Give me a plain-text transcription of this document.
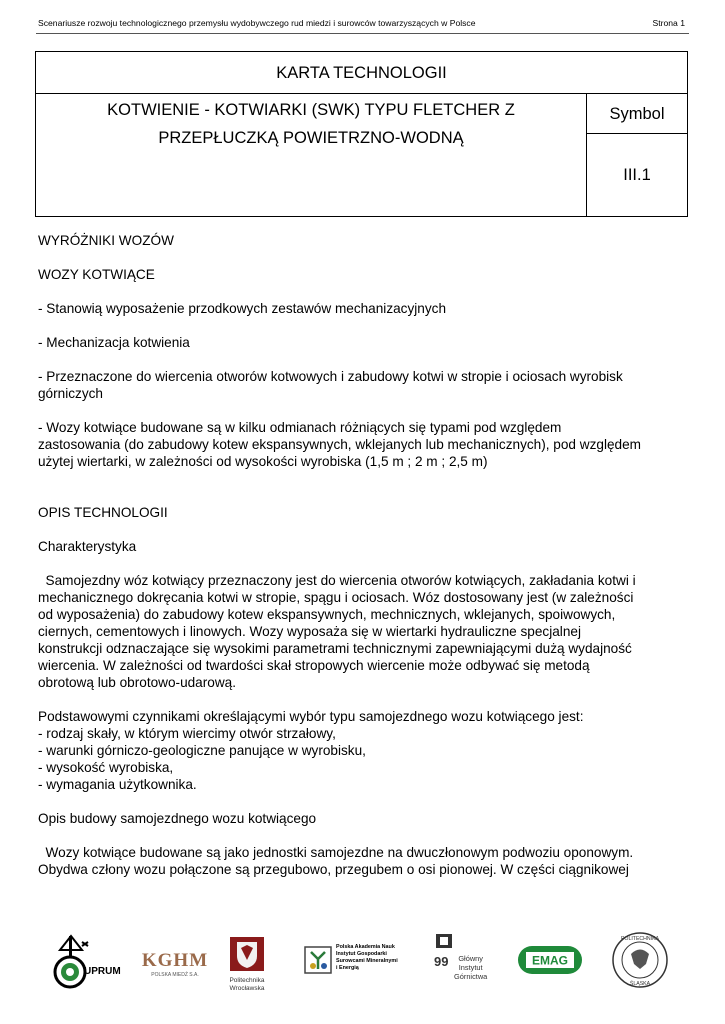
Scenariusze rozwoju technologicznego przemysłu wydobywczego rud miedzi i surowców towarzyszących w Polsce	Strona 1
KARTA TECHNOLOGII
KOTWIENIE - KOTWIARKI (SWK) TYPU FLETCHER Z
PRZEPŁUCZKĄ POWIETRZNO-WODNĄ
Symbol
III.1

WYRÓŻNIKI WOZÓW

WOZY KOTWIĄCE

- Stanowią wyposażenie przodkowych zestawów mechanizacyjnych

- Mechanizacja kotwienia

- Przeznaczone do wiercenia otworów kotwowych i zabudowy kotwi w stropie i ociosach wyrobisk

górniczych

- Wozy kotwiące budowane są w kilku odmianach różniących się typami pod względem

zastosowania (do zabudowy kotew ekspansywnych, wklejanych lub mechanicznych), pod względem

użytej wiertarki, w zależności od wysokości wyrobiska (1,5 m ; 2 m ; 2,5 m)

OPIS TECHNOLOGII

Charakterystyka

Samojezdny wóz kotwiący przeznaczony jest do wiercenia otworów kotwiących, zakładania kotwi i

mechanicznego dokręcania kotwi w stropie, spągu i ociosach. Wóz dostosowany jest (w zależności

od wyposażenia) do zabudowy kotew ekspansywnych, mechnicznych, wklejanych, spoiwowych,

ciernych, cementowych i linowych. Wozy wyposaża się w wiertarki hydrauliczne specjalnej

konstrukcji odznaczające się wysokimi parametrami technicznymi zapewniającymi dużą wydajność

wiercenia. W zależności od twardości skał stropowych wiercenie może odbywać się metodą

obrotową lub obrotowo-udarową.

Podstawowymi czynnikami określającymi wybór typu samojezdnego wozu kotwiącego jest:

- rodzaj skały, w którym wiercimy otwór strzałowy,

- warunki górniczo-geologiczne panujące w wyrobisku,

- wysokość wyrobiska,

- wymagania użytkownika.

Opis budowy samojezdnego wozu kotwiącego

Wozy kotwiące budowane są jako jednostki samojezdne na dwuczłonowym podwoziu oponowym.

Obydwa człony wozu połączone są przegubowo, przegubem o osi pionowej. W części ciągnikowej

UPRUM
KGHM
POLSKA MIEDŹ S.A.
Politechnika
Wrocławska
Polska Akademia Nauk
Instytut Gospodarki
Surowcami Mineralnymi
i Energią	99	Główny
Instytut
Górnictwa
EMAG
POLITECHNIKA
ŚLĄSKA
